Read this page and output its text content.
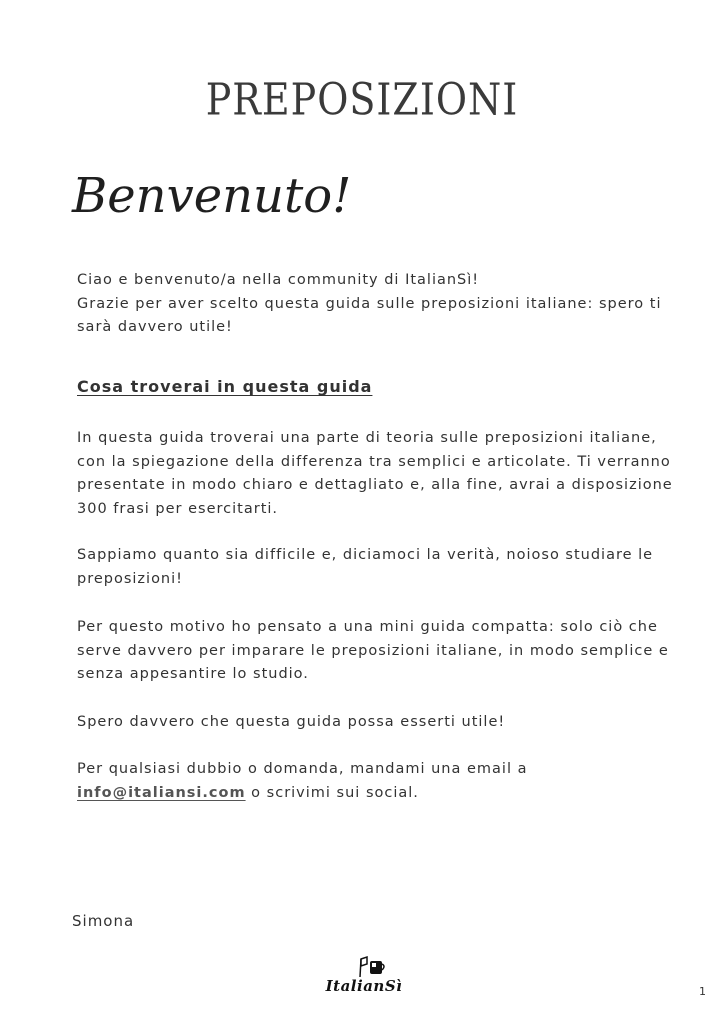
PREPOSIZIONI
Benvenuto!
Ciao e benvenuto/a nella community di ItalianSì!
Grazie per aver scelto questa guida sulle preposizioni italiane: spero ti
sarà davvero utile!
Cosa troverai in questa guida
In questa guida troverai una parte di teoria sulle preposizioni italiane,
con la spiegazione della differenza tra semplici e articolate. Ti verranno
presentate in modo chiaro e dettagliato e, alla fine, avrai a disposizione
300 frasi per esercitarti.
Sappiamo quanto sia difficile e, diciamoci la verità, noioso studiare le
preposizioni!
Per questo motivo ho pensato a una mini guida compatta: solo ciò che
serve davvero per imparare le preposizioni italiane, in modo semplice e
senza appesantire lo studio.
Spero davvero che questa guida possa esserti utile!
Per qualsiasi dubbio o domanda, mandami una email a
info@italiansi.com o scrivimi sui social.
Simona
ItalianSì	1
